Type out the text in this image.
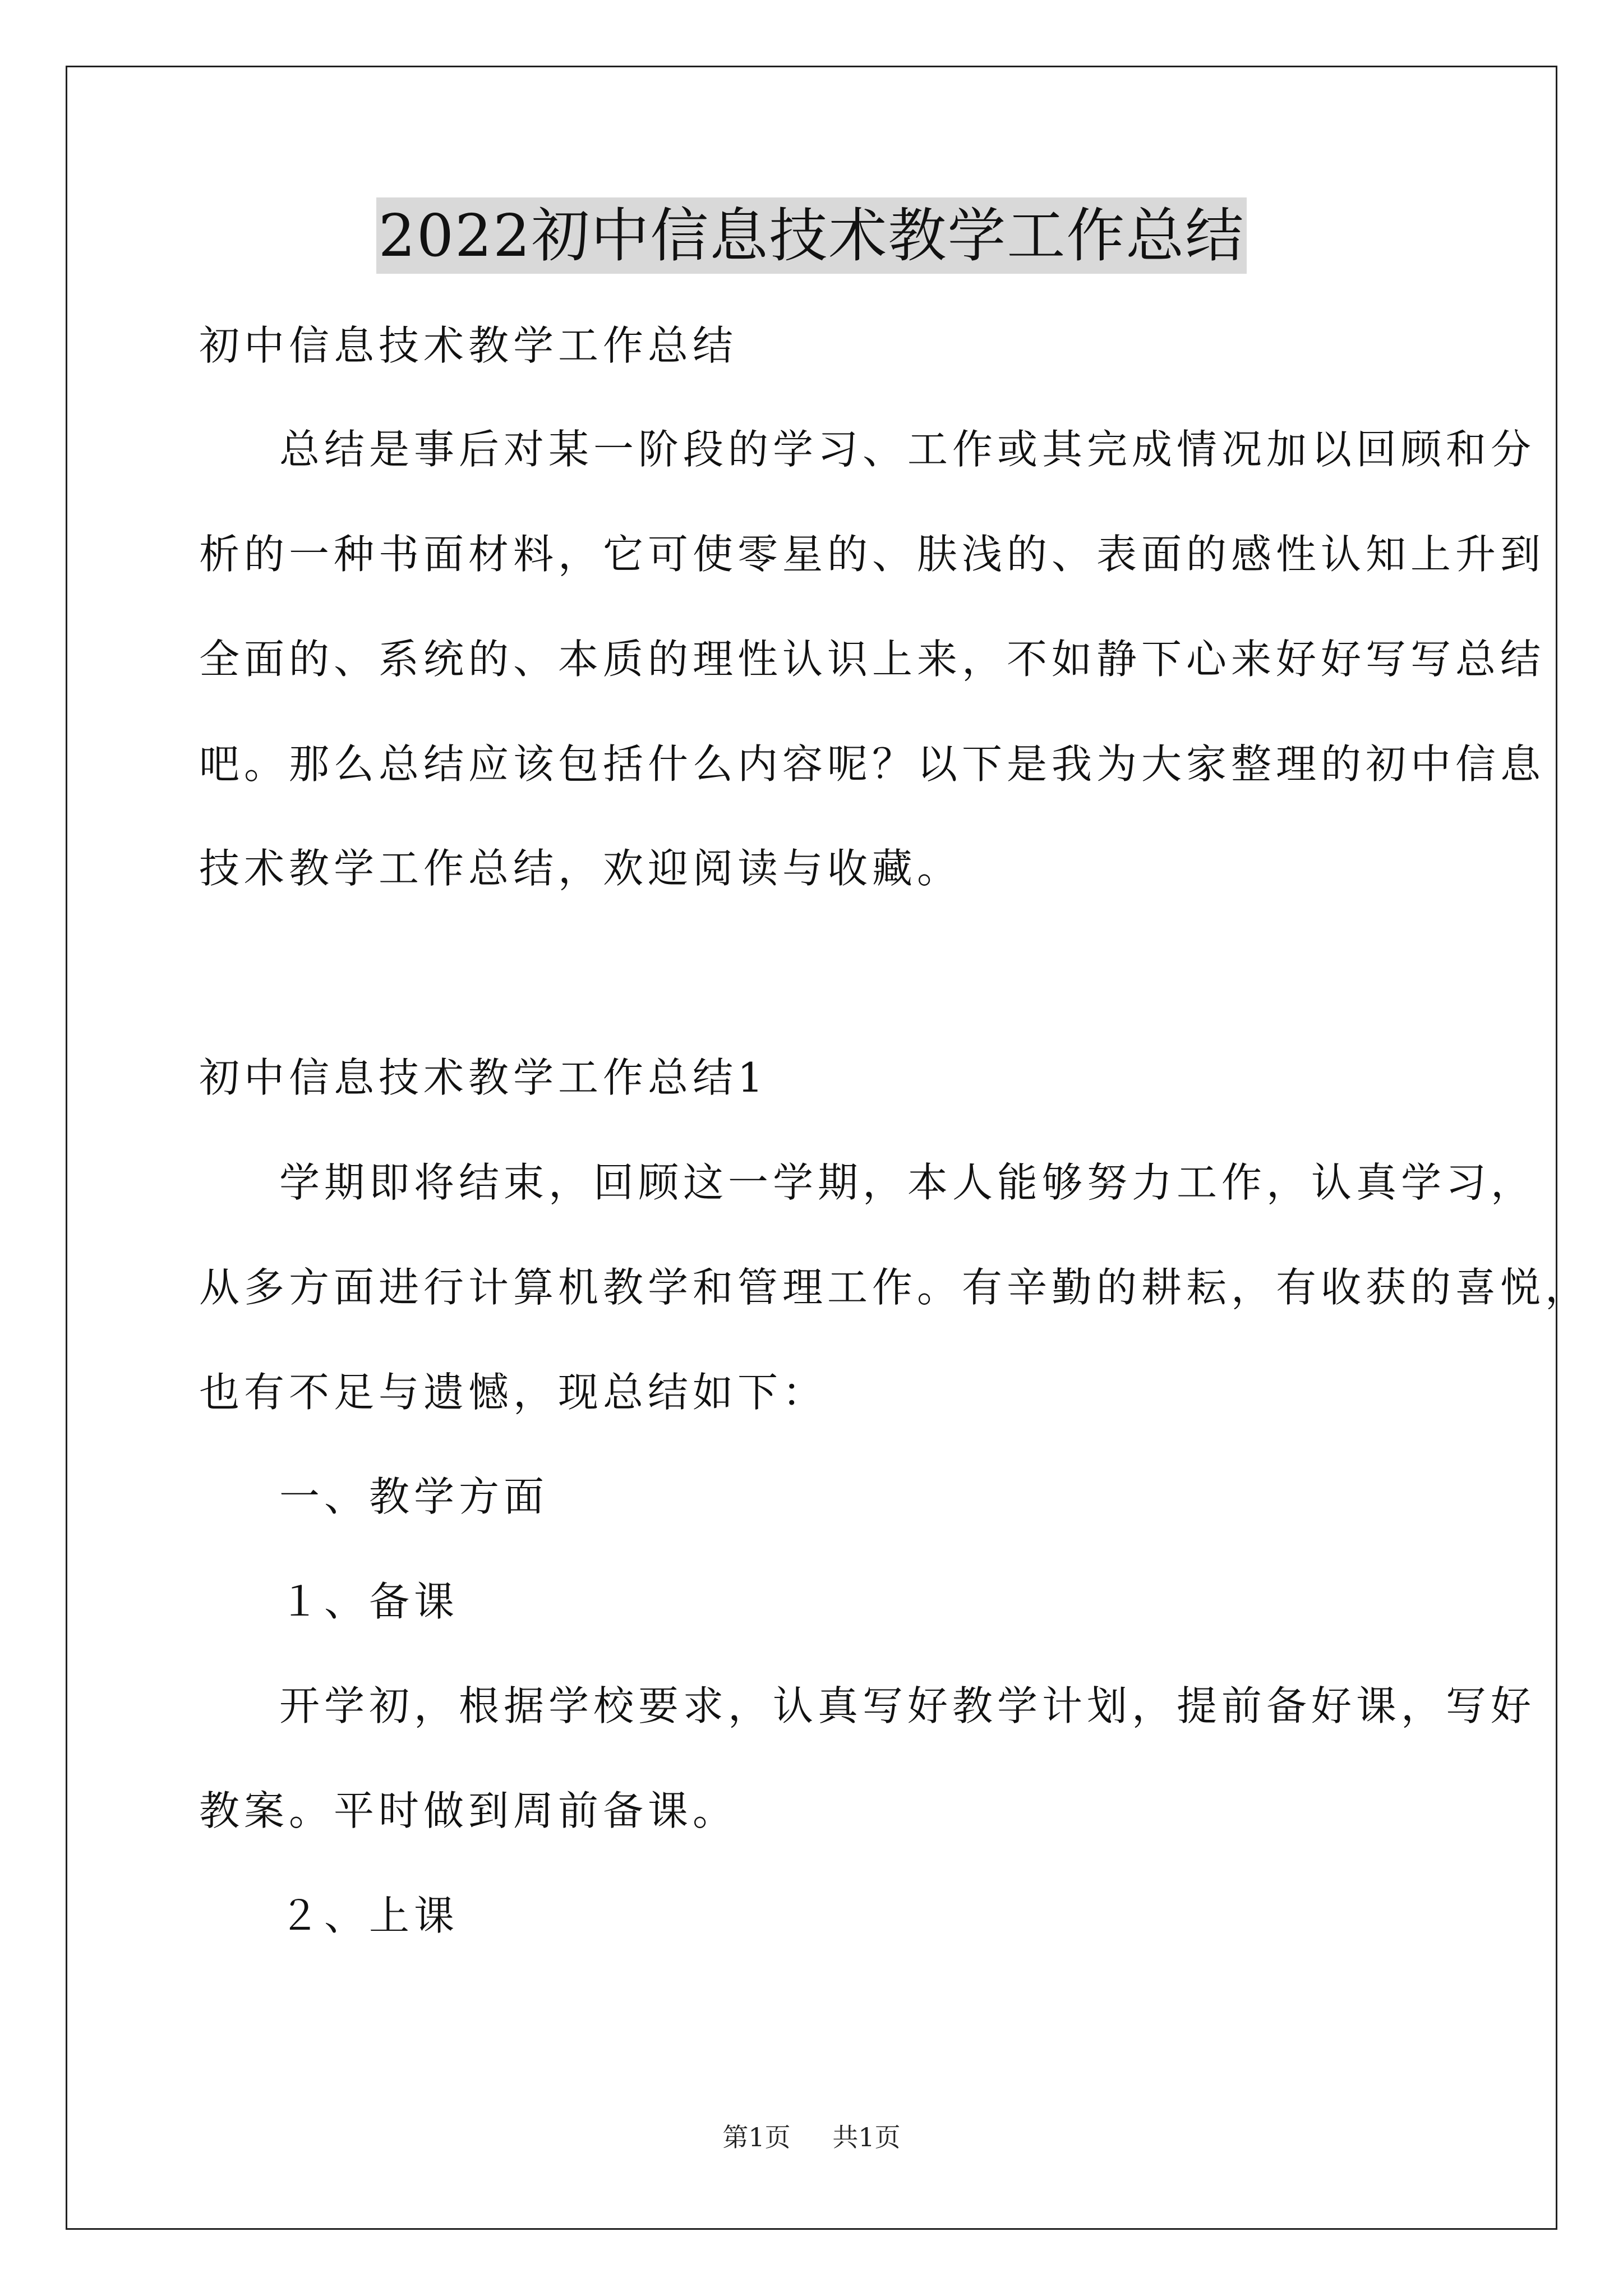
2022初中信息技术教学工作总结
初中信息技术教学工作总结
总结是事后对某一阶段的学习、工作或其完成情况加以回顾和分
析的一种书面材料，它可使零星的、肤浅的、表面的感性认知上升到
全面的、系统的、本质的理性认识上来，不如静下心来好好写写总结
吧。那么总结应该包括什么内容呢？以下是我为大家整理的初中信息
技术教学工作总结，欢迎阅读与收藏。
初中信息技术教学工作总结1
学期即将结束，回顾这一学期，本人能够努力工作，认真学习，
从多方面进行计算机教学和管理工作。有辛勤的耕耘，有收获的喜悦，
也有不足与遗憾，现总结如下：
一、教学方面
１、备课
开学初，根据学校要求，认真写好教学计划，提前备好课，写好
教案。平时做到周前备课。
２、上课
第1页 共1页
